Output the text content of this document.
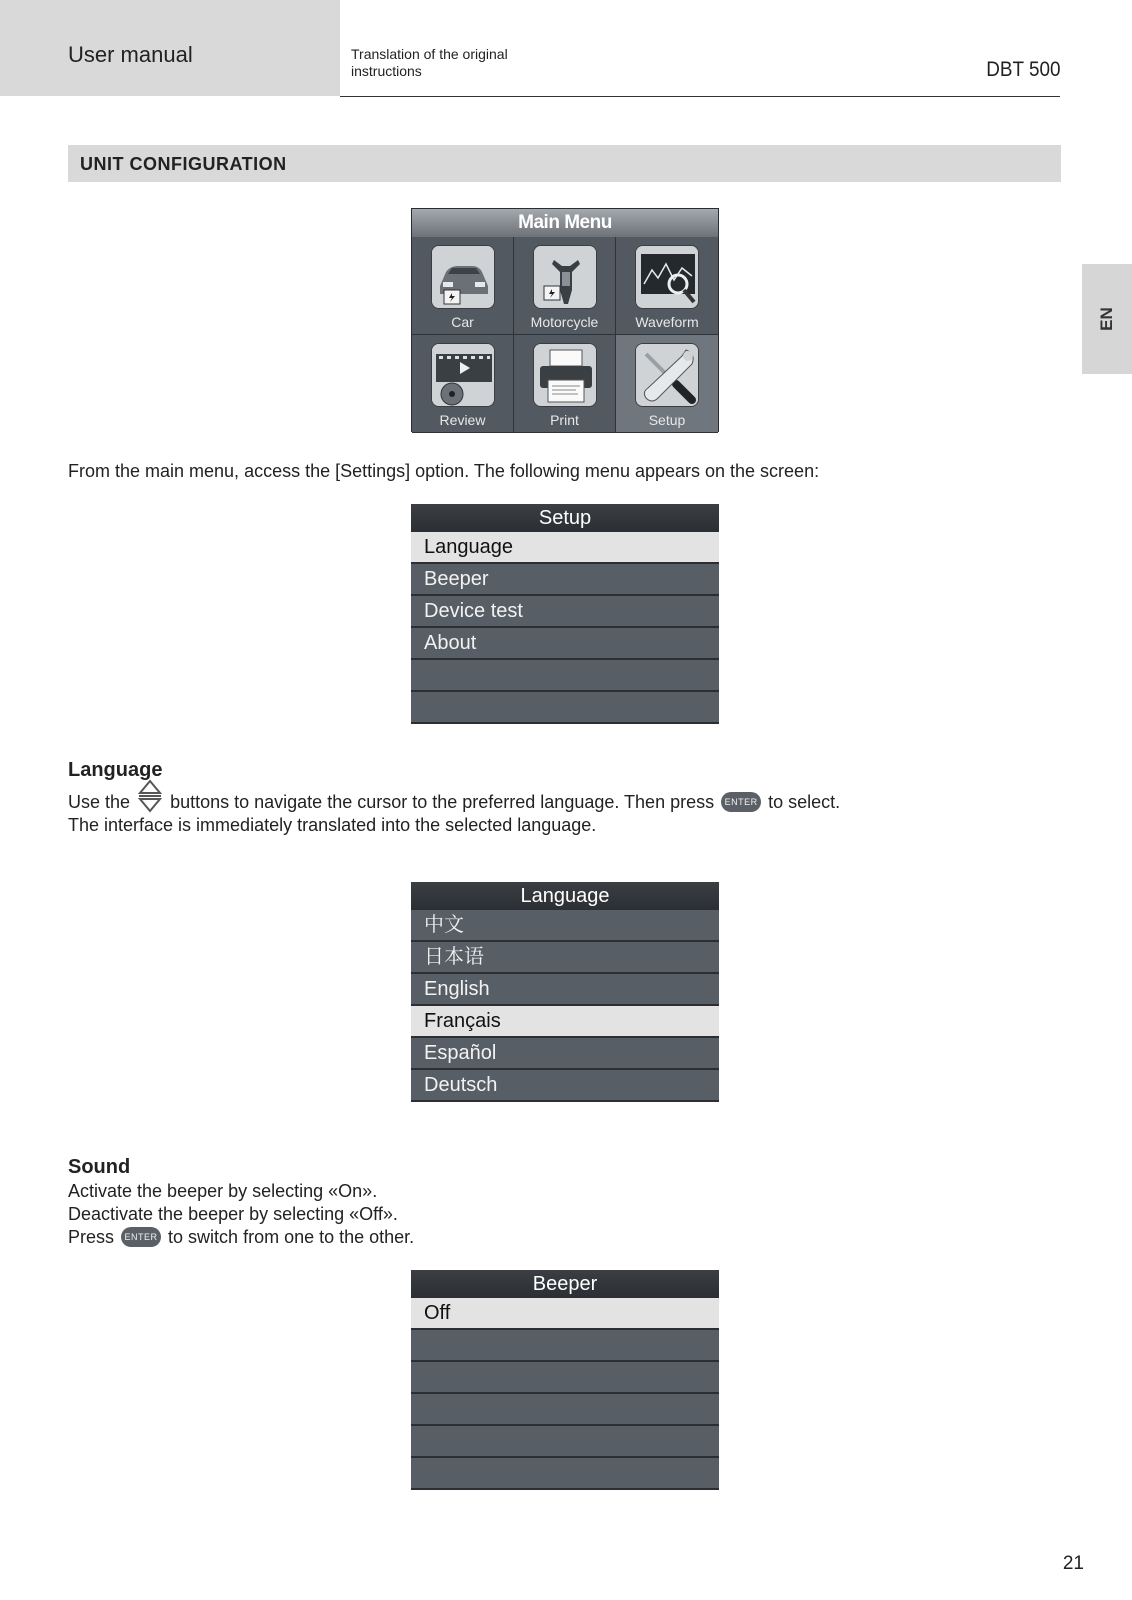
User manual	Translation of the original instructions	DBT 500
EN
UNIT CONFIGURATION
Main Menu
Car	Motorcycle	Waveform
Review	Print	Setup
From the main menu, access the [Settings] option. The following menu appears on the screen:
Setup
Language
Beeper
Device test
About
Language
Use the buttons to navigate the cursor to the preferred language. Then press ENTER to select.
The interface is immediately translated into the selected language.
Language
中文
日本语
English
Français
Español
Deutsch
Sound
Activate the beeper by selecting «On».
Deactivate the beeper by selecting «Off».
Press ENTER to switch from one to the other.
Beeper
Off
21
